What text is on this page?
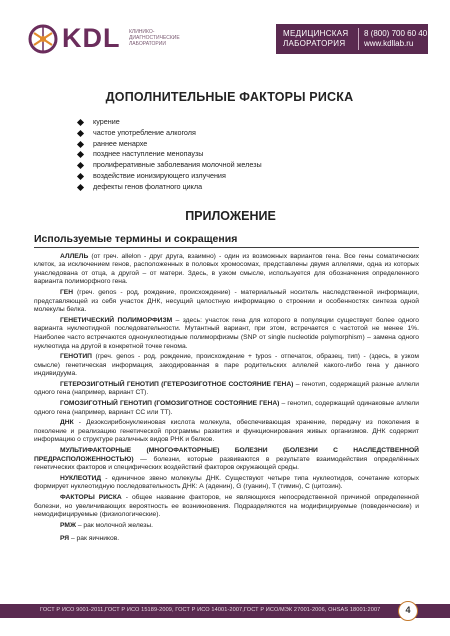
KDL КЛИНИКО-
ДИАГНОСТИЧЕСКИЕ
ЛАБОРАТОРИИ
МЕДИЦИНСКАЯ
ЛАБОРАТОРИЯ
8 (800) 700 60 40
www.kdllab.ru
ДОПОЛНИТЕЛЬНЫЕ ФАКТОРЫ РИСКА
курение
частое употребление алкоголя
раннее менархе
позднее наступление менопаузы
пролиферативные заболевания молочной железы
воздействие ионизирующего излучения
дефекты генов фолатного цикла
ПРИЛОЖЕНИЕ
Используемые термины и сокращения

АЛЛЕЛЬ (от греч. allelon - друг друга, взаимно) - один из возможных вариантов гена. Все гены соматических клеток, за исключением генов, расположенных в половых хромосомах, представлены двумя аллелями, одна из которых унаследована от отца, а другой – от матери. Здесь, в узком смысле, используется для обозначения определенного варианта полиморфного гена.

ГЕН (греч. genos - род, рождение, происхождение) - материальный носитель наследственной информации, представляющей из себя участок ДНК, несущий целостную информацию о строении и особенностях синтеза одной молекулы белка.

ГЕНЕТИЧЕСКИЙ ПОЛИМОРФИЗМ – здесь: участок гена для которого в популяции существует более одного варианта нуклеотидной последовательности. Мутантный вариант, при этом, встречается с частотой не менее 1%. Наиболее часто встречаются однонуклеотидные полиморфизмы (SNP от single nucleotide polymorphism) – замена одного нуклеотида на другой в конкретной точке генома.

ГЕНОТИП (греч. genos - род, рождение, происхождение + typos - отпечаток, образец, тип) - (здесь, в узком смысле) генетическая информация, закодированная в паре родительских аллелей какого-либо гена у данного индивидуума.

ГЕТЕРОЗИГОТНЫЙ ГЕНОТИП (ГЕТЕРОЗИГОТНОЕ СОСТОЯНИЕ ГЕНА) – генотип, содержащий разные аллели одного гена (например, вариант СТ).

ГОМОЗИГОТНЫЙ ГЕНОТИП (ГОМОЗИГОТНОЕ СОСТОЯНИЕ ГЕНА) – генотип, содержащий одинаковые аллели одного гена (например, вариант СС или ТТ).

ДНК - Дезоксирибонуклеиновая кислота молекула, обеспечивающая хранение, передачу из поколения в поколение и реализацию генетической программы развития и функционирования живых организмов. ДНК содержит информацию о структуре различных видов РНК и белков.

МУЛЬТИФАКТОРНЫЕ (МНОГОФАКТОРНЫЕ) БОЛЕЗНИ (БОЛЕЗНИ С НАСЛЕДСТВЕННОЙ ПРЕДРАСПОЛОЖЕННОСТЬЮ) — болезни, которые развиваются в результате взаимодействия определённых генетических факторов и специфических воздействий факторов окружающей среды.

НУКЛЕОТИД - единичное звено молекулы ДНК. Существуют четыре типа нуклеотидов, сочетание которых формирует нуклеотидную последовательность ДНК: А (аденин), G (гуанин), Т (тимин), С (цитозин).

ФАКТОРЫ РИСКА - общее название факторов, не являющихся непосредственной причиной определенной болезни, но увеличивающих вероятность ее возникновения. Подразделяются на модифицируемые (поведенческие) и немодифицируемые (физиологические).

РМЖ – рак молочной железы.

РЯ – рак яичников.

ГОСТ Р ИСО 9001-2011,ГОСТ Р ИСО 15189-2009, ГОСТ Р ИСО 14001-2007,ГОСТ Р ИСО/МЭК 27001-2006, OHSAS 18001:2007	4
